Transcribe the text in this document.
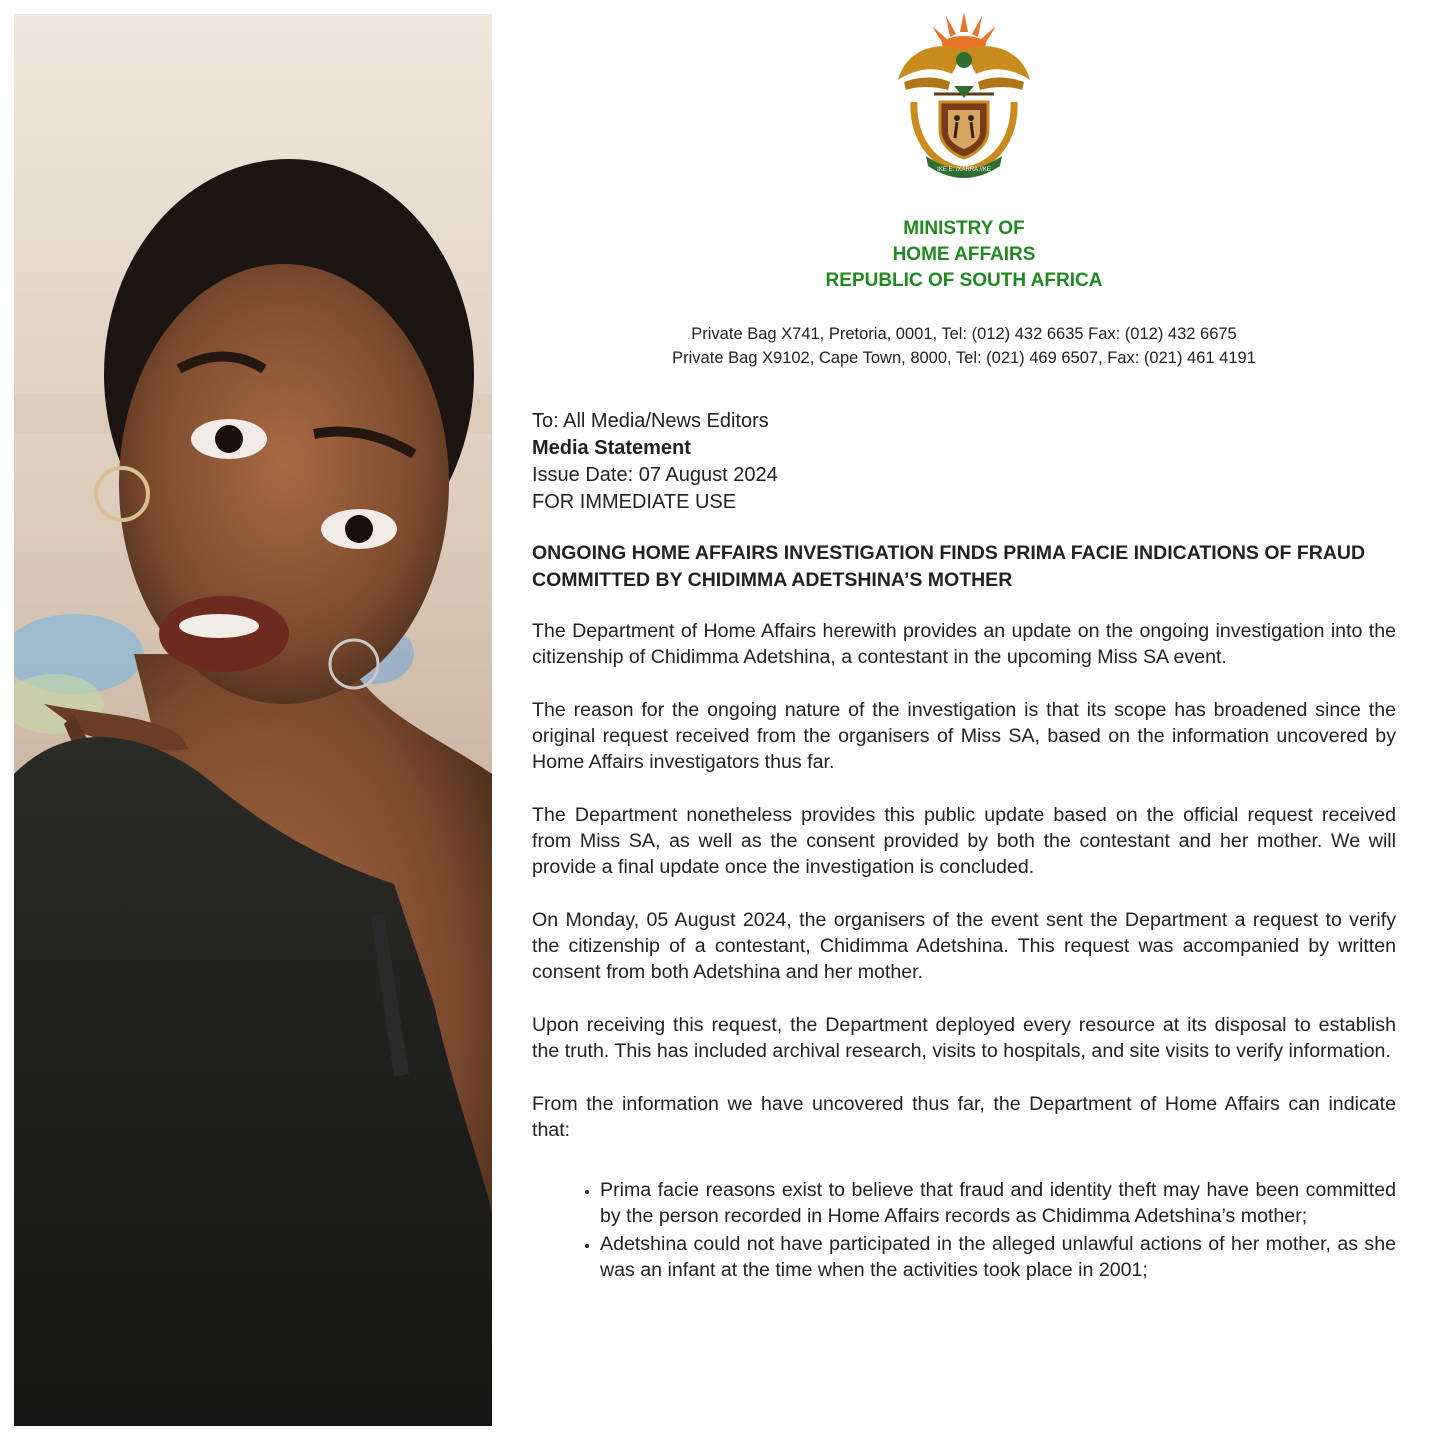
!KE E: /XARRA //KE
MINISTRY OF
HOME AFFAIRS
REPUBLIC OF SOUTH AFRICA
Private Bag X741, Pretoria, 0001, Tel: (012) 432 6635 Fax: (012) 432 6675
Private Bag X9102, Cape Town, 8000, Tel: (021) 469 6507, Fax: (021) 461 4191
To: All Media/News Editors
Media Statement
Issue Date: 07 August 2024
FOR IMMEDIATE USE
ONGOING HOME AFFAIRS INVESTIGATION FINDS PRIMA FACIE INDICATIONS OF FRAUD COMMITTED BY CHIDIMMA ADETSHINA’S MOTHER

The Department of Home Affairs herewith provides an update on the ongoing investigation into the citizenship of Chidimma Adetshina, a contestant in the upcoming Miss SA event.

The reason for the ongoing nature of the investigation is that its scope has broadened since the original request received from the organisers of Miss SA, based on the information uncovered by Home Affairs investigators thus far.

The Department nonetheless provides this public update based on the official request received from Miss SA, as well as the consent provided by both the contestant and her mother. We will provide a final update once the investigation is concluded.

On Monday, 05 August 2024, the organisers of the event sent the Department a request to verify the citizenship of a contestant, Chidimma Adetshina. This request was accompanied by written consent from both Adetshina and her mother.

Upon receiving this request, the Department deployed every resource at its disposal to establish the truth. This has included archival research, visits to hospitals, and site visits to verify information.

From the information we have uncovered thus far, the Department of Home Affairs can indicate that:

• Prima facie reasons exist to believe that fraud and identity theft may have been committed by the person recorded in Home Affairs records as Chidimma Adetshina’s mother;
• Adetshina could not have participated in the alleged unlawful actions of her mother, as she was an infant at the time when the activities took place in 2001;
